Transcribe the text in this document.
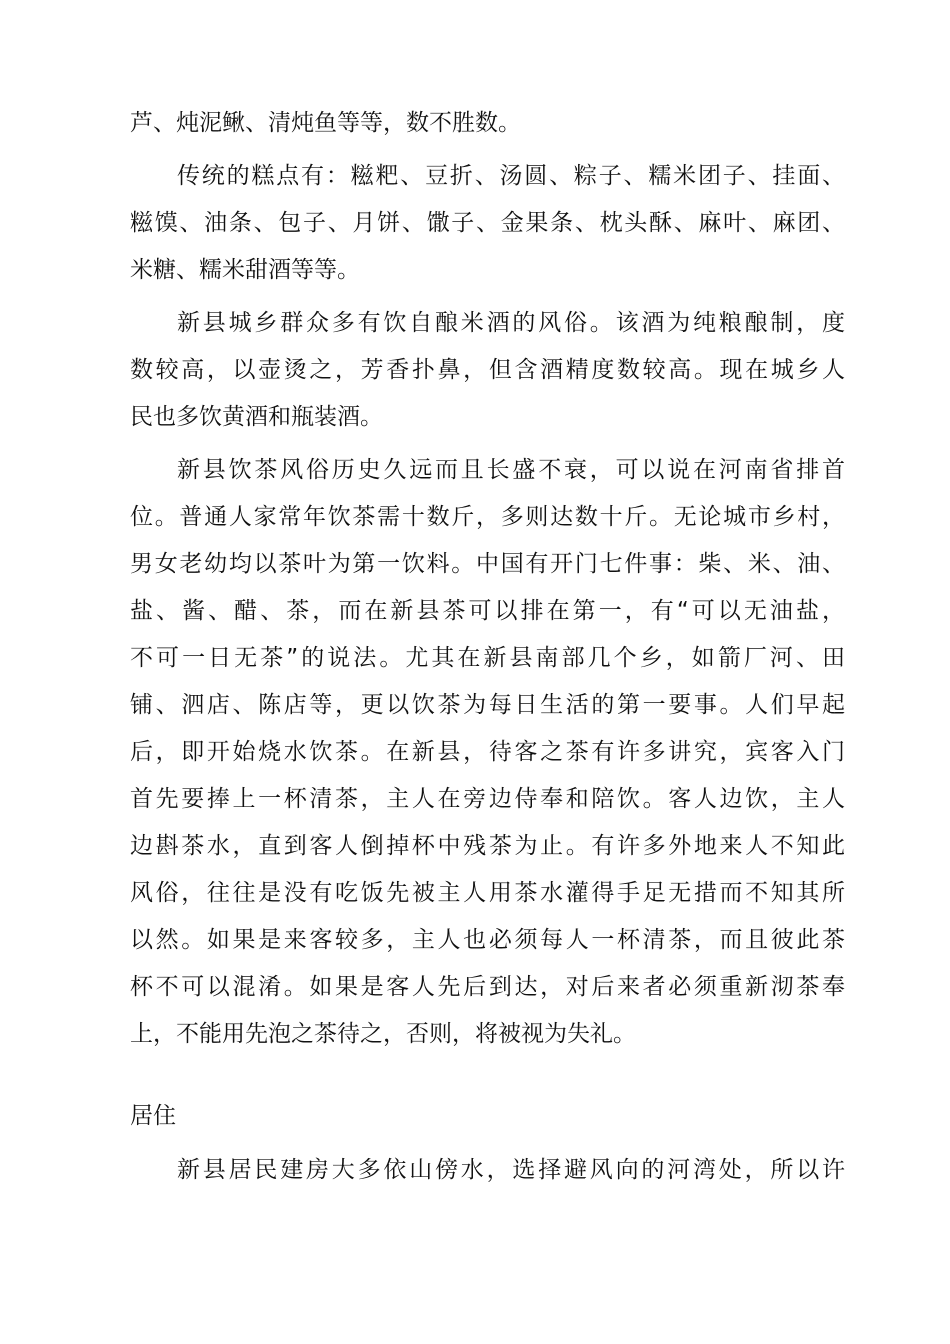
芦、炖泥鳅、清炖鱼等等，数不胜数。
传统的糕点有：糍粑、豆折、汤圆、粽子、糯米团子、挂面、
糍馍、油条、包子、月饼、馓子、金果条、枕头酥、麻叶、麻团、
米糖、糯米甜酒等等。
新县城乡群众多有饮自酿米酒的风俗。该酒为纯粮酿制，度
数较高，以壶烫之，芳香扑鼻，但含酒精度数较高。现在城乡人
民也多饮黄酒和瓶装酒。
新县饮茶风俗历史久远而且长盛不衰，可以说在河南省排首
位。普通人家常年饮茶需十数斤，多则达数十斤。无论城市乡村，
男女老幼均以茶叶为第一饮料。中国有开门七件事：柴、米、油、
盐、酱、醋、茶，而在新县茶可以排在第一，有“可以无油盐，
不可一日无茶”的说法。尤其在新县南部几个乡，如箭厂河、田
铺、泗店、陈店等，更以饮茶为每日生活的第一要事。人们早起
后，即开始烧水饮茶。在新县，待客之茶有许多讲究，宾客入门
首先要捧上一杯清茶，主人在旁边侍奉和陪饮。客人边饮，主人
边斟茶水，直到客人倒掉杯中残茶为止。有许多外地来人不知此
风俗，往往是没有吃饭先被主人用茶水灌得手足无措而不知其所
以然。如果是来客较多，主人也必须每人一杯清茶，而且彼此茶
杯不可以混淆。如果是客人先后到达，对后来者必须重新沏茶奉
上，不能用先泡之茶待之，否则，将被视为失礼。
居住
新县居民建房大多依山傍水，选择避风向的河湾处，所以许
